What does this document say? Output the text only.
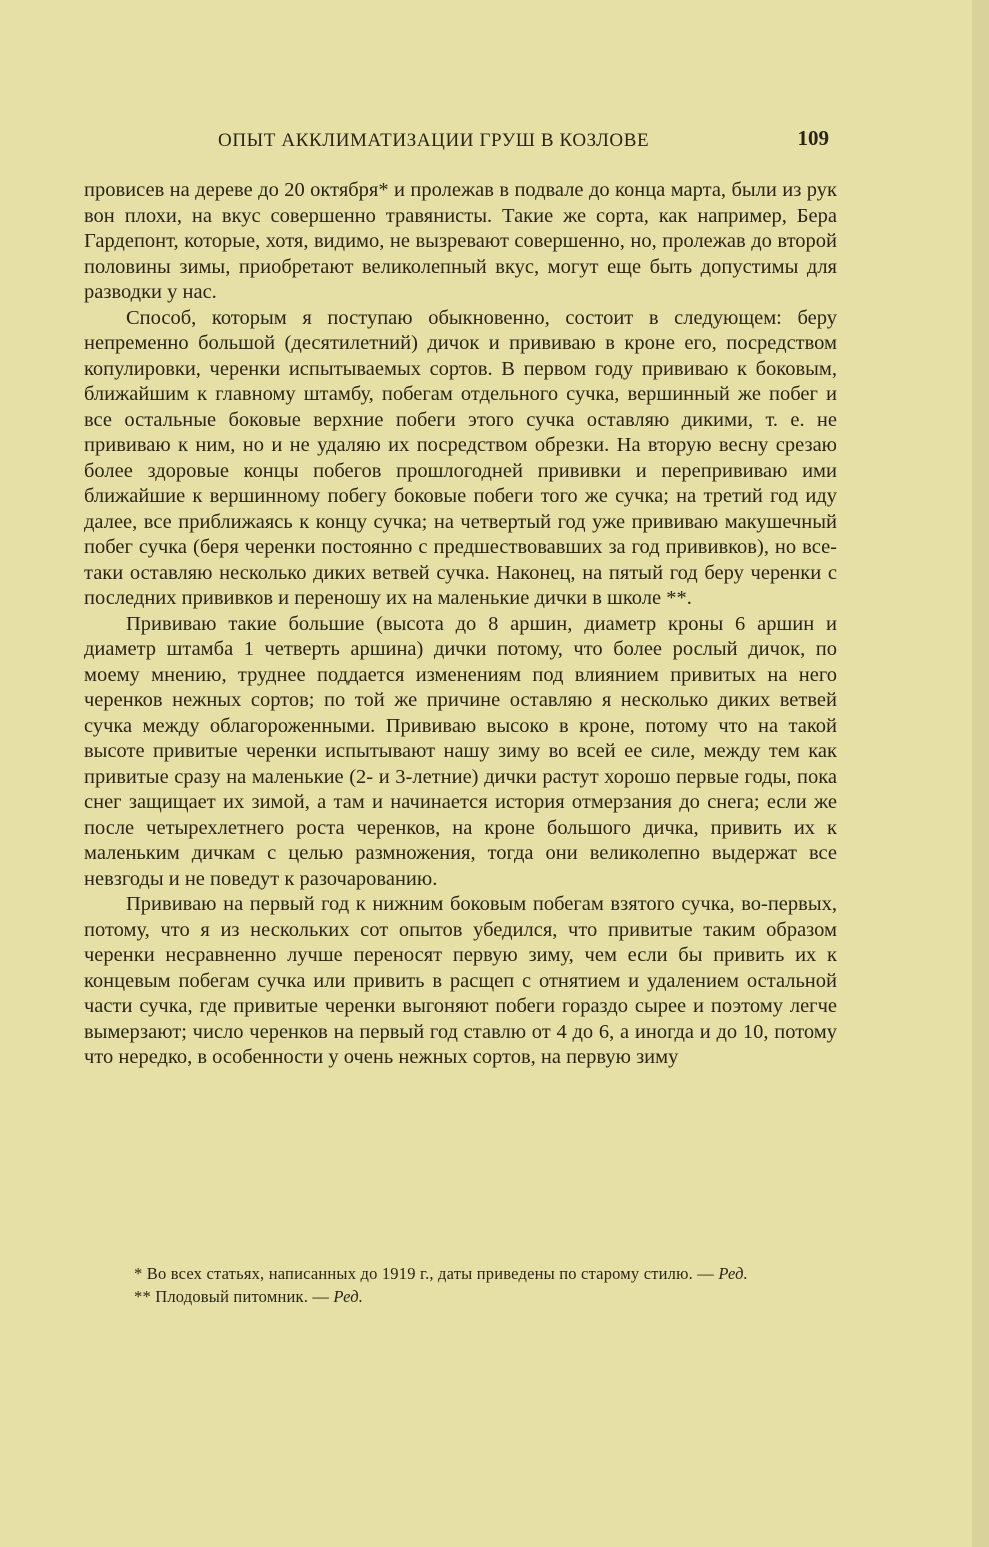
ОПЫТ АККЛИМАТИЗАЦИИ ГРУШ В КОЗЛОВЕ	109

провисев на дереве до 20 октября* и пролежав в подвале до конца марта, были из рук вон плохи, на вкус совершенно травянисты. Такие же сорта, как например, Бера Гардепонт, которые, хотя, видимо, не вызревают совершенно, но, пролежав до второй половины зимы, приобретают великолепный вкус, могут еще быть допустимы для разводки у нас.

Способ, которым я поступаю обыкновенно, состоит в следующем: беру непременно большой (десятилетний) дичок и прививаю в кроне его, посредством копулировки, черенки испытываемых сортов. В первом году прививаю к боковым, ближайшим к главному штамбу, побегам отдельного сучка, вершинный же побег и все остальные боковые верхние побеги этого сучка оставляю дикими, т. е. не прививаю к ним, но и не удаляю их посредством обрезки. На вторую весну срезаю более здоровые концы побегов прошлогодней прививки и перепрививаю ими ближайшие к вершинному побегу боковые побеги того же сучка; на третий год иду далее, все приближаясь к концу сучка; на четвертый год уже прививаю макушечный побег сучка (беря черенки постоянно с предшествовавших за год прививков), но все-таки оставляю несколько диких ветвей сучка. Наконец, на пятый год беру черенки с последних прививков и переношу их на маленькие дички в школе **.

Прививаю такие большие (высота до 8 аршин, диаметр кроны 6 аршин и диаметр штамба 1 четверть аршина) дички потому, что более рослый дичок, по моему мнению, труднее поддается изменениям под влиянием привитых на него черенков нежных сортов; по той же причине оставляю я несколько диких ветвей сучка между облагороженными. Прививаю высоко в кроне, потому что на такой высоте привитые черенки испытывают нашу зиму во всей ее силе, между тем как привитые сразу на маленькие (2- и 3-летние) дички растут хорошо первые годы, пока снег защищает их зимой, а там и начинается история отмерзания до снега; если же после четырехлетнего роста черенков, на кроне большого дичка, привить их к маленьким дичкам с целью размножения, тогда они великолепно выдержат все невзгоды и не поведут к разочарованию.

Прививаю на первый год к нижним боковым побегам взятого сучка, во-первых, потому, что я из нескольких сот опытов убедился, что привитые таким образом черенки несравненно лучше переносят первую зиму, чем если бы привить их к концевым побегам сучка или привить в расщеп с отнятием и удалением остальной части сучка, где привитые черенки выгоняют побеги гораздо сырее и поэтому легче вымерзают; число черенков на первый год ставлю от 4 до 6, а иногда и до 10, потому что нередко, в особенности у очень нежных сортов, на первую зиму

* Во всех статьях, написанных до 1919 г., даты приведены по старому стилю. — Ред.

** Плодовый питомник. — Ред.
